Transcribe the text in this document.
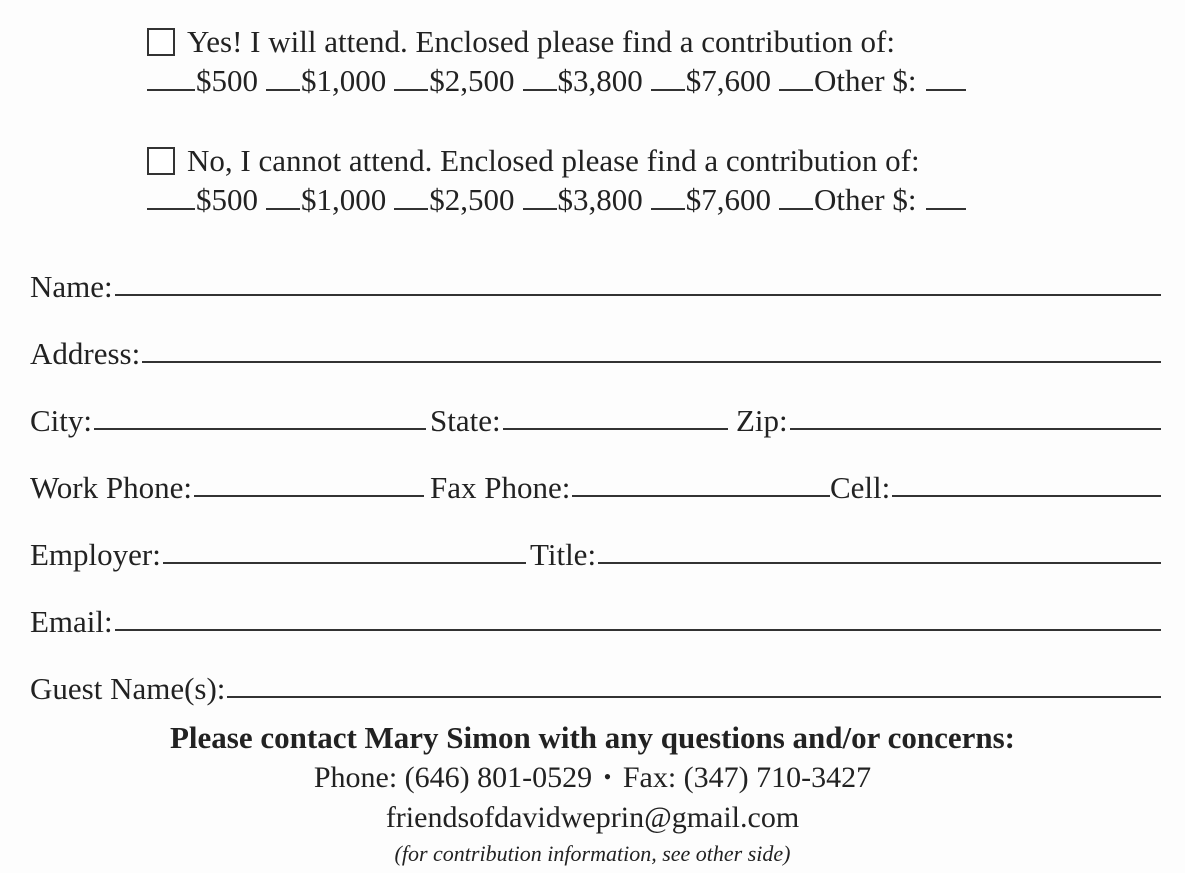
Yes! I will attend. Enclosed please find a contribution of:
$500 $1,000 $2,500 $3,800 $7,600 Other $:
No, I cannot attend. Enclosed please find a contribution of:
$500 $1,000 $2,500 $3,800 $7,600 Other $:
Name:
Address:
City:	State:	Zip:
Work Phone:	Fax Phone:	Cell:
Employer:	Title:
Email:
Guest Name(s):
Please contact Mary Simon with any questions and/or concerns:
Phone: (646) 801-0529 • Fax: (347) 710-3427
friendsofdavidweprin@gmail.com
(for contribution information, see other side)
